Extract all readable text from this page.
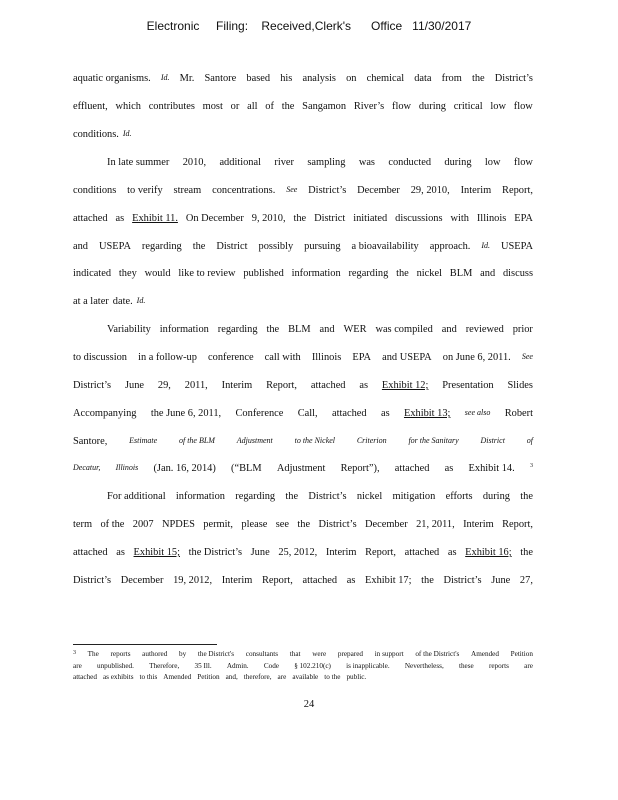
Electronic     Filing:    Received,Clerk's      Office   11/30/2017
aquatic organisms. Id. Mr. Santore based his analysis on chemical data from the District’s
effluent, which contributes most or all of the Sangamon River’s flow during critical low flow
conditions. Id.
In late summer 2010, additional river sampling was conducted during low flow
conditions to verify stream concentrations. See District’s December 29, 2010, Interim Report,
attached as Exhibit 11. On December 9, 2010, the District initiated discussions with Illinois EPA
and USEPA regarding the District possibly pursuing a bioavailability approach. Id. USEPA
indicated they would like to review published information regarding the nickel BLM and discuss
at a later date. Id.
Variability information regarding the BLM and WER was compiled and reviewed prior
to discussion in a follow-up conference call with Illinois EPA and USEPA on June 6, 2011. See
District’s June 29, 2011, Interim Report, attached as Exhibit 12; Presentation Slides
Accompanying the June 6, 2011, Conference Call, attached as Exhibit 13; see also Robert
Santore,	Estimate	of the BLM	Adjustment	to the Nickel	Criterion	for the Sanitary	District	of
Decatur, Illinois (Jan. 16, 2014) (“BLM Adjustment Report”), attached as Exhibit 14.	3
For additional information regarding the District’s nickel mitigation efforts during the
term of the 2007 NPDES permit, please see the District’s December 21, 2011, Interim Report,
attached as Exhibit 15; the District’s June 25, 2012, Interim Report, attached as Exhibit 16; the
District’s December 19, 2012, Interim Report, attached as Exhibit 17; the District’s June 27,
3 The reports authored by the District's consultants that were prepared in support of the District's Amended Petition
are unpublished. Therefore, 35 Ill. Admin. Code § 102.210(c) is inapplicable. Nevertheless, these reports are
attached as exhibits to this Amended Petition and, therefore, are available to the public.
24
